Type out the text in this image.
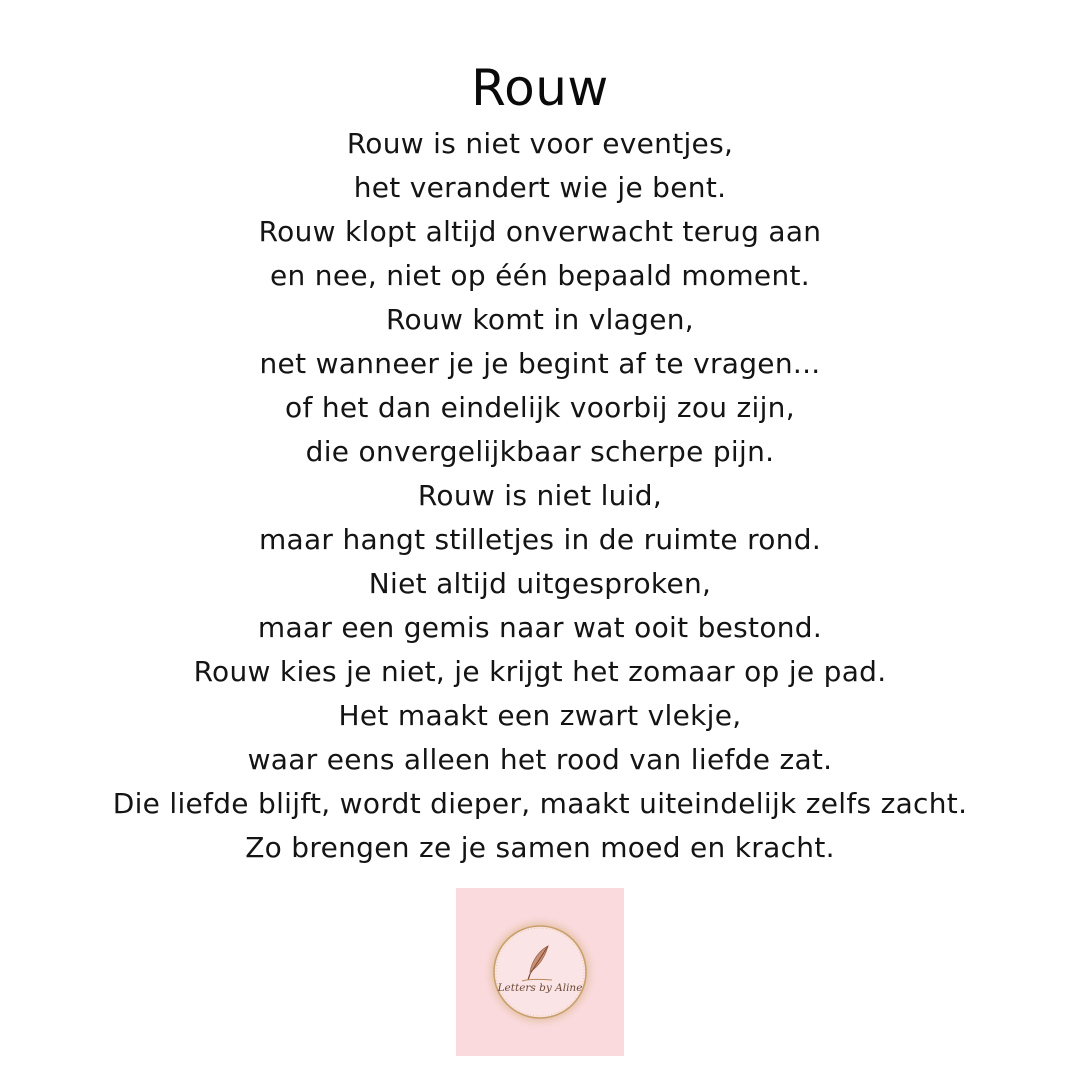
Rouw
Rouw is niet voor eventjes,
het verandert wie je bent.
Rouw klopt altijd onverwacht terug aan
en nee, niet op één bepaald moment.
Rouw komt in vlagen,
net wanneer je je begint af te vragen...
of het dan eindelijk voorbij zou zijn,
die onvergelijkbaar scherpe pijn.
Rouw is niet luid,
maar hangt stilletjes in de ruimte rond.
Niet altijd uitgesproken,
maar een gemis naar wat ooit bestond.
Rouw kies je niet, je krijgt het zomaar op je pad.
Het maakt een zwart vlekje,
waar eens alleen het rood van liefde zat.
Die liefde blijft, wordt dieper, maakt uiteindelijk zelfs zacht.
Zo brengen ze je samen moed en kracht.
Letters by Aline
